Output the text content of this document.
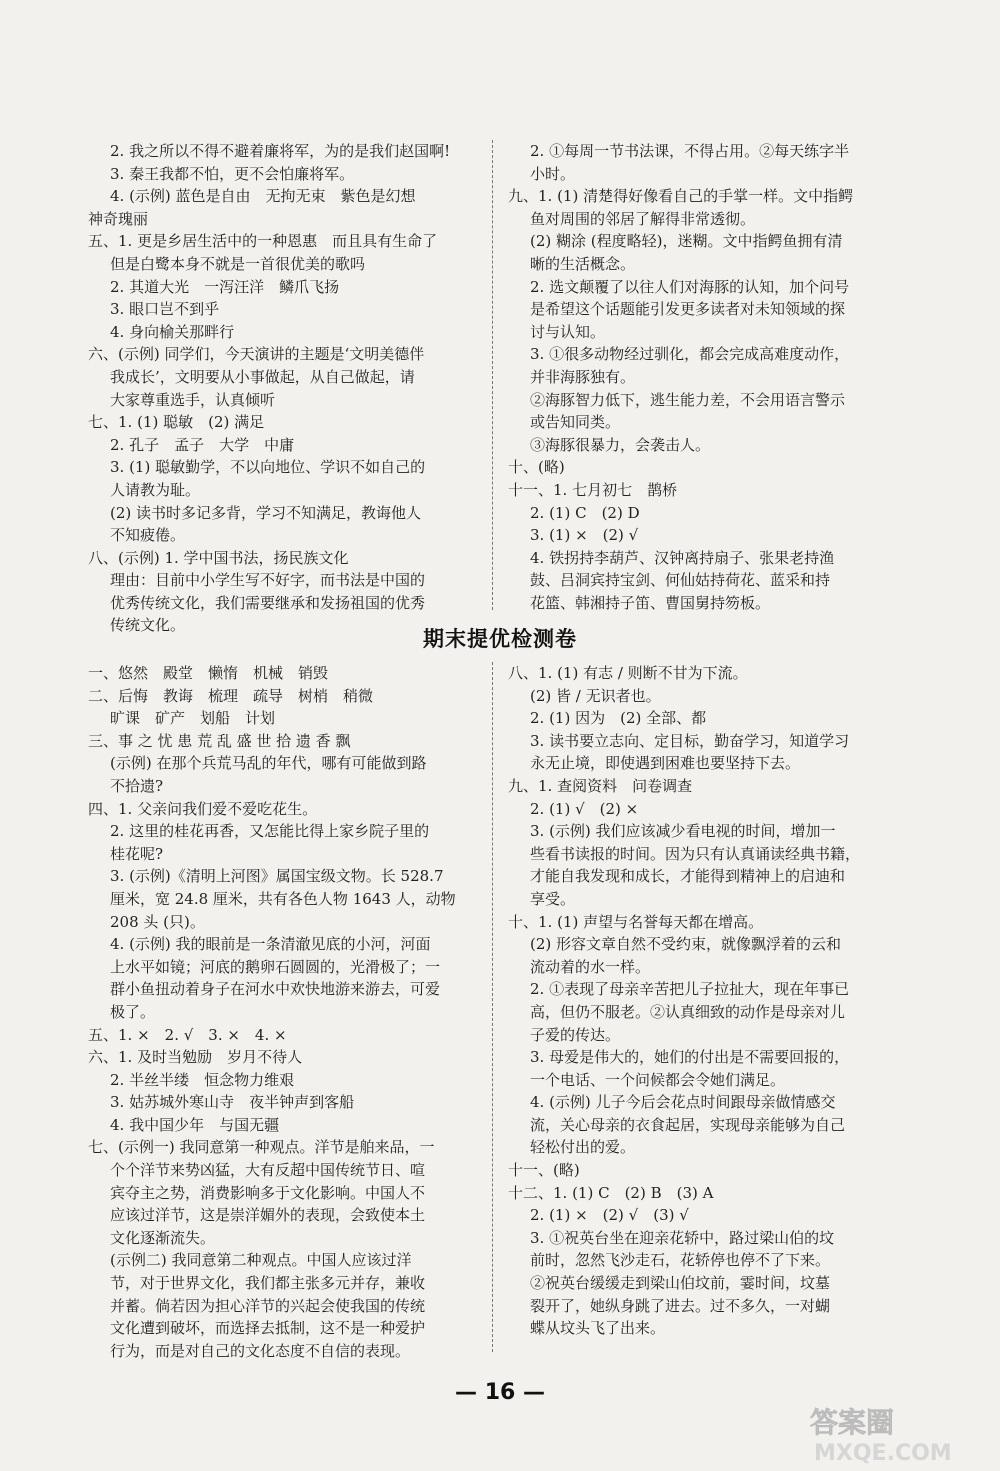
2. 我之所以不得不避着廉将军，为的是我们赵国啊!
3. 秦王我都不怕，更不会怕廉将军。
4. (示例) 蓝色是自由　无拘无束　紫色是幻想
神奇瑰丽
五、1. 更是乡居生活中的一种恩惠　而且具有生命了
但是白鹭本身不就是一首很优美的歌吗
2. 其道大光　一泻汪洋　鳞爪飞扬
3. 眼口岂不到乎
4. 身向榆关那畔行
六、(示例) 同学们，今天演讲的主题是‘文明美德伴
我成长’，文明要从小事做起，从自己做起，请
大家尊重选手，认真倾听
七、1. (1) 聪敏　(2) 满足
2. 孔子　孟子　大学　中庸
3. (1) 聪敏勤学，不以向地位、学识不如自己的
人请教为耻。
(2) 读书时多记多背，学习不知满足，教诲他人
不知疲倦。
八、(示例) 1. 学中国书法，扬民族文化
理由：目前中小学生写不好字，而书法是中国的
优秀传统文化，我们需要继承和发扬祖国的优秀
传统文化。
2. ①每周一节书法课，不得占用。②每天练字半
小时。
九、1. (1) 清楚得好像看自己的手掌一样。文中指鳄
鱼对周围的邻居了解得非常透彻。
(2) 糊涂 (程度略轻)，迷糊。文中指鳄鱼拥有清
晰的生活概念。
2. 选文颠覆了以往人们对海豚的认知，加个问号
是希望这个话题能引发更多读者对未知领域的探
讨与认知。
3. ①很多动物经过驯化，都会完成高难度动作，
并非海豚独有。
②海豚智力低下，逃生能力差，不会用语言警示
或告知同类。
③海豚很暴力，会袭击人。
十、(略)
十一、1. 七月初七　鹊桥
2. (1) C　(2) D
3. (1) ×　(2) √
4. 铁拐持李葫芦、汉钟离持扇子、张果老持渔
鼓、吕洞宾持宝剑、何仙姑持荷花、蓝采和持
花篮、韩湘持子笛、曹国舅持笏板。
期末提优检测卷
一、悠然　殿堂　懒惰　机械　销毁
二、后悔　教诲　梳理　疏导　树梢　稍微
旷课　矿产　划船　计划
三、事 之 忧 患 荒 乱 盛 世 拾 遗 香 飘
(示例) 在那个兵荒马乱的年代，哪有可能做到路
不拾遗?
四、1. 父亲问我们爱不爱吃花生。
2. 这里的桂花再香，又怎能比得上家乡院子里的
桂花呢?
3. (示例)《清明上河图》属国宝级文物。长 528.7
厘米，宽 24.8 厘米，共有各色人物 1643 人，动物
208 头 (只)。
4. (示例) 我的眼前是一条清澈见底的小河，河面
上水平如镜；河底的鹅卵石圆圆的，光滑极了；一
群小鱼扭动着身子在河水中欢快地游来游去，可爱
极了。
五、1. ×　2. √　3. ×　4. ×
六、1. 及时当勉励　岁月不待人
2. 半丝半缕　恒念物力维艰
3. 姑苏城外寒山寺　夜半钟声到客船
4. 我中国少年　与国无疆
七、(示例一) 我同意第一种观点。洋节是舶来品，一
个个洋节来势凶猛，大有反超中国传统节日、喧
宾夺主之势，消费影响多于文化影响。中国人不
应该过洋节，这是崇洋媚外的表现，会致使本土
文化逐渐流失。
(示例二) 我同意第二种观点。中国人应该过洋
节，对于世界文化，我们都主张多元并存，兼收
并蓄。倘若因为担心洋节的兴起会使我国的传统
文化遭到破坏，而选择去抵制，这不是一种爱护
行为，而是对自己的文化态度不自信的表现。
八、1. (1) 有志 / 则断不甘为下流。
(2) 皆 / 无识者也。
2. (1) 因为　(2) 全部、都
3. 读书要立志向、定目标，勤奋学习，知道学习
永无止境，即使遇到困难也要坚持下去。
九、1. 查阅资料　问卷调查
2. (1) √　(2) ×
3. (示例) 我们应该减少看电视的时间，增加一
些看书读报的时间。因为只有认真诵读经典书籍，
才能自我发现和成长，才能得到精神上的启迪和
享受。
十、1. (1) 声望与名誉每天都在增高。
(2) 形容文章自然不受约束，就像飘浮着的云和
流动着的水一样。
2. ①表现了母亲辛苦把儿子拉扯大，现在年事已
高，但仍不服老。②认真细致的动作是母亲对儿
子爱的传达。
3. 母爱是伟大的，她们的付出是不需要回报的，
一个电话、一个问候都会令她们满足。
4. (示例) 儿子今后会花点时间跟母亲做情感交
流，关心母亲的衣食起居，实现母亲能够为自己
轻松付出的爱。
十一、(略)
十二、1. (1) C　(2) B　(3) A
2. (1) ×　(2) √　(3) √
3. ①祝英台坐在迎亲花轿中，路过梁山伯的坟
前时，忽然飞沙走石，花轿停也停不了下来。
②祝英台缓缓走到梁山伯坟前，霎时间，坟墓
裂开了，她纵身跳了进去。过不多久，一对蝴
蝶从坟头飞了出来。
— 16 —
答案圈
MXQE.COM
